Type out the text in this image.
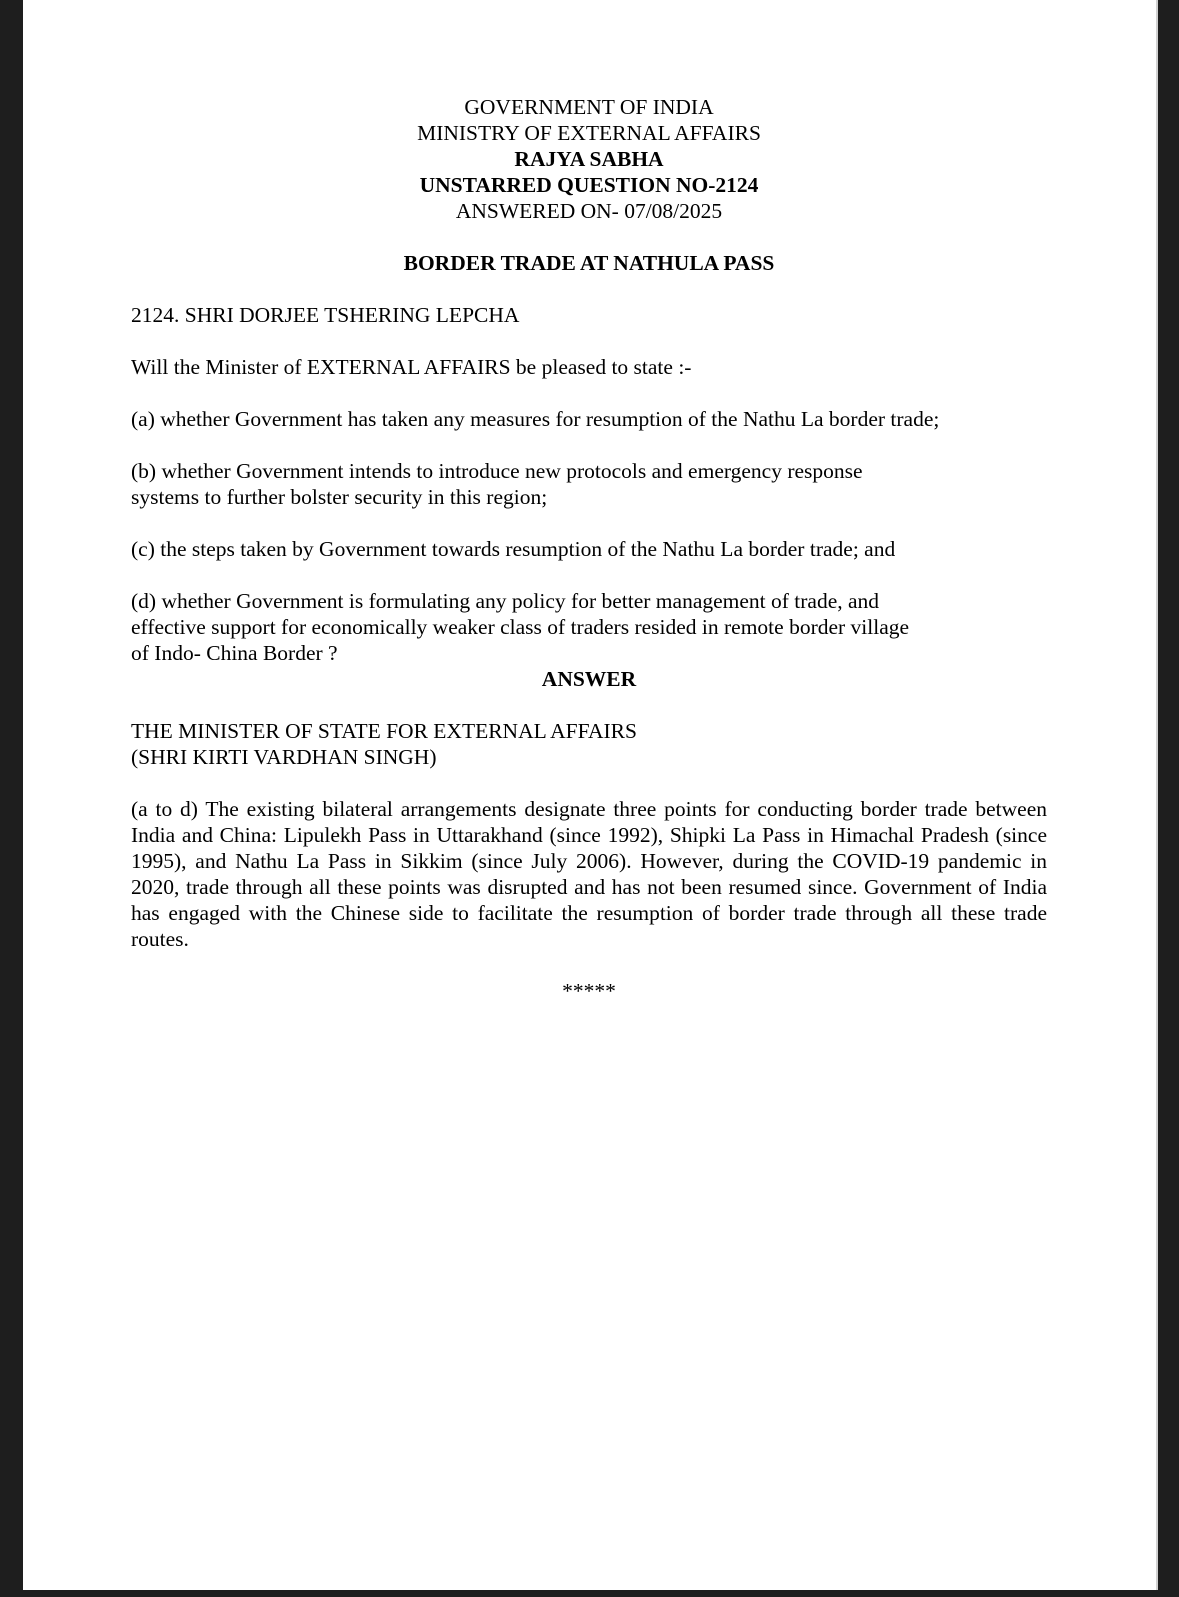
GOVERNMENT OF INDIA
MINISTRY OF EXTERNAL AFFAIRS
RAJYA SABHA
UNSTARRED QUESTION NO-2124
ANSWERED ON- 07/08/2025

BORDER TRADE AT NATHULA PASS

2124. SHRI DORJEE TSHERING LEPCHA

Will the Minister of EXTERNAL AFFAIRS be pleased to state :-

(a) whether Government has taken any measures for resumption of the Nathu La border trade;

(b) whether Government intends to introduce new protocols and emergency response
systems to further bolster security in this region;

(c) the steps taken by Government towards resumption of the Nathu La border trade; and

(d) whether Government is formulating any policy for better management of trade, and
effective support for economically weaker class of traders resided in remote border village
of Indo- China Border ?

ANSWER

THE MINISTER OF STATE FOR EXTERNAL AFFAIRS
(SHRI KIRTI VARDHAN SINGH)

(a to d) The existing bilateral arrangements designate three points for conducting border trade between India and China: Lipulekh Pass in Uttarakhand (since 1992), Shipki La Pass in Himachal Pradesh (since 1995), and Nathu La Pass in Sikkim (since July 2006). However, during the COVID-19 pandemic in 2020, trade through all these points was disrupted and has not been resumed since. Government of India has engaged with the Chinese side to facilitate the resumption of border trade through all these trade routes.

*****
